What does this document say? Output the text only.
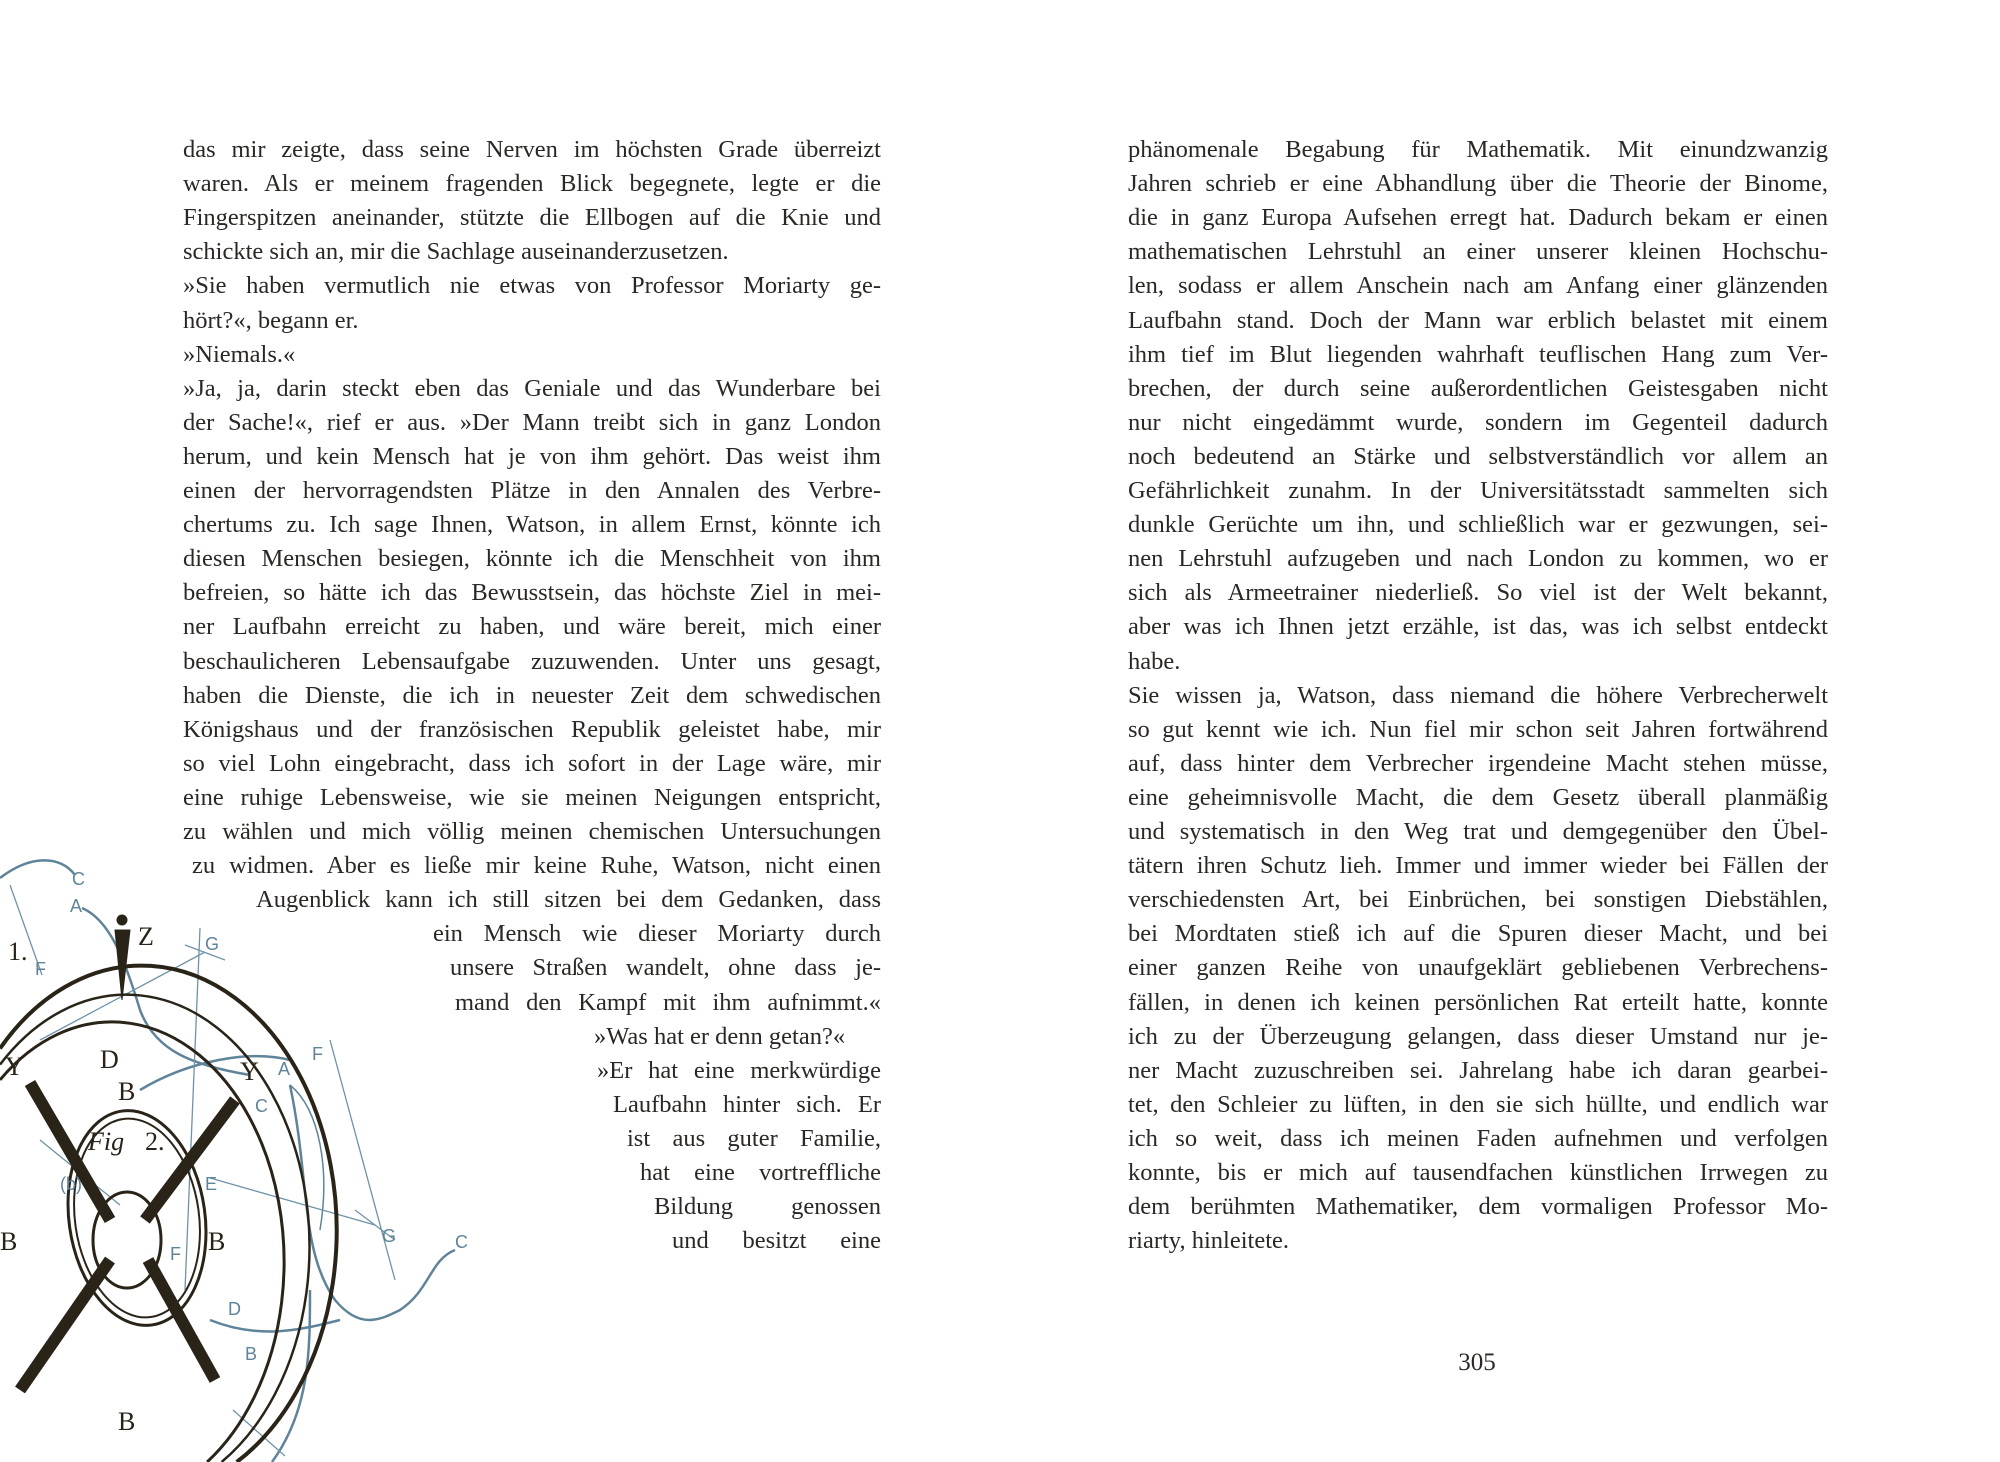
1.
Z
Y	D
B
Fig 2.
Y
B	B
B
C
A
F
G
C
A
F
(b)	E
F
G	C
D
B
das mir zeigte, dass seine Nerven im höchsten Grade überreizt
waren. Als er meinem fragenden Blick begegnete, legte er die
Fingerspitzen aneinander, stützte die Ellbogen auf die Knie und
schickte sich an, mir die Sachlage auseinanderzusetzen.
»Sie haben vermutlich nie etwas von Professor Moriarty ge-
hört?«, begann er.
»Niemals.«
»Ja, ja, darin steckt eben das Geniale und das Wunderbare bei
der Sache!«, rief er aus. »Der Mann treibt sich in ganz London
herum, und kein Mensch hat je von ihm gehört. Das weist ihm
einen der hervorragendsten Plätze in den Annalen des Verbre-
chertums zu. Ich sage Ihnen, Watson, in allem Ernst, könnte ich
diesen Menschen besiegen, könnte ich die Menschheit von ihm
befreien, so hätte ich das Bewusstsein, das höchste Ziel in mei-
ner Laufbahn erreicht zu haben, und wäre bereit, mich einer
beschaulicheren Lebensaufgabe zuzuwenden. Unter uns gesagt,
haben die Dienste, die ich in neuester Zeit dem schwedischen
Königshaus und der französischen Republik geleistet habe, mir
so viel Lohn eingebracht, dass ich sofort in der Lage wäre, mir
eine ruhige Lebensweise, wie sie meinen Neigungen entspricht,
zu wählen und mich völlig meinen chemischen Untersuchungen
zu widmen. Aber es ließe mir keine Ruhe, Watson, nicht einen
Augenblick kann ich still sitzen bei dem Gedanken, dass
ein Mensch wie dieser Moriarty durch
unsere Straßen wandelt, ohne dass je-
mand den Kampf mit ihm aufnimmt.«
»Was hat er denn getan?«
»Er hat eine merkwürdige
Laufbahn hinter sich. Er
ist aus guter Familie,
hat eine vortreffliche
Bildung genossen
und besitzt eine
phänomenale Begabung für Mathematik. Mit einundzwanzig
Jahren schrieb er eine Abhandlung über die Theorie der Binome,
die in ganz Europa Aufsehen erregt hat. Dadurch bekam er einen
mathematischen Lehrstuhl an einer unserer kleinen Hochschu-
len, sodass er allem Anschein nach am Anfang einer glänzenden
Laufbahn stand. Doch der Mann war erblich belastet mit einem
ihm tief im Blut liegenden wahrhaft teuflischen Hang zum Ver-
brechen, der durch seine außerordentlichen Geistesgaben nicht
nur nicht eingedämmt wurde, sondern im Gegenteil dadurch
noch bedeutend an Stärke und selbstverständlich vor allem an
Gefährlichkeit zunahm. In der Universitätsstadt sammelten sich
dunkle Gerüchte um ihn, und schließlich war er gezwungen, sei-
nen Lehrstuhl aufzugeben und nach London zu kommen, wo er
sich als Armeetrainer niederließ. So viel ist der Welt bekannt,
aber was ich Ihnen jetzt erzähle, ist das, was ich selbst entdeckt
habe.
Sie wissen ja, Watson, dass niemand die höhere Verbrecherwelt
so gut kennt wie ich. Nun fiel mir schon seit Jahren fortwährend
auf, dass hinter dem Verbrecher irgendeine Macht stehen müsse,
eine geheimnisvolle Macht, die dem Gesetz überall planmäßig
und systematisch in den Weg trat und demgegenüber den Übel-
tätern ihren Schutz lieh. Immer und immer wieder bei Fällen der
verschiedensten Art, bei Einbrüchen, bei sonstigen Diebstählen,
bei Mordtaten stieß ich auf die Spuren dieser Macht, und bei
einer ganzen Reihe von unaufgeklärt gebliebenen Verbrechens-
fällen, in denen ich keinen persönlichen Rat erteilt hatte, konnte
ich zu der Überzeugung gelangen, dass dieser Umstand nur je-
ner Macht zuzuschreiben sei. Jahrelang habe ich daran gearbei-
tet, den Schleier zu lüften, in den sie sich hüllte, und endlich war
ich so weit, dass ich meinen Faden aufnehmen und verfolgen
konnte, bis er mich auf tausendfachen künstlichen Irrwegen zu
dem berühmten Mathematiker, dem vormaligen Professor Mo-
riarty, hinleitete.
305
